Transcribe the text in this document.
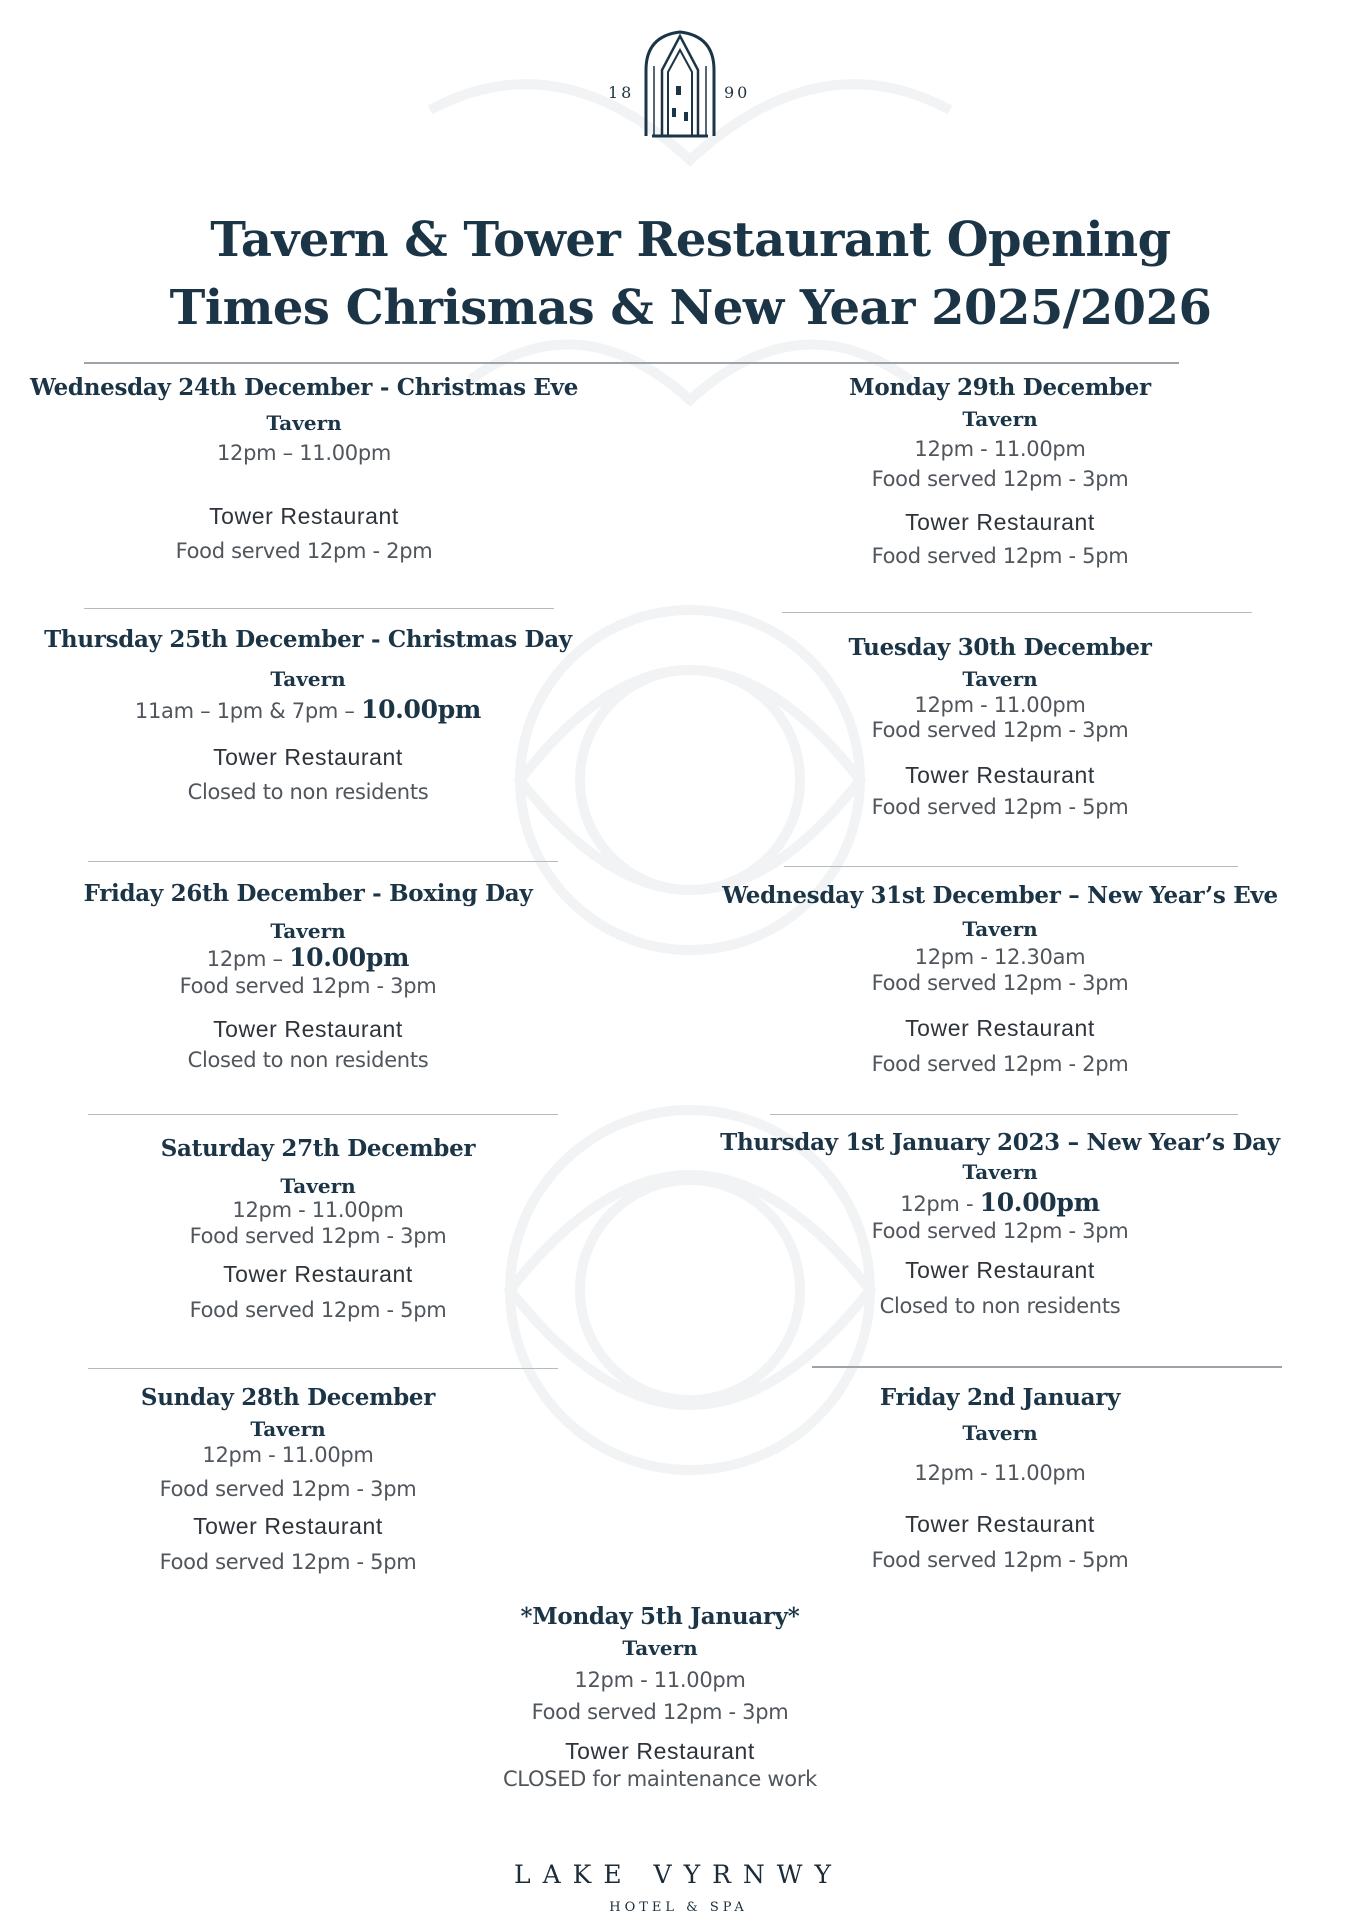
18	90
Tavern & Tower Restaurant Opening
Times Chrismas & New Year 2025/2026
Wednesday 24th December - Christmas Eve
Tavern
12pm – 11.00pm
Tower Restaurant
Food served 12pm - 2pm
Thursday 25th December - Christmas Day
Tavern
11am – 1pm & 7pm – 10.00pm
Tower Restaurant
Closed to non residents
Friday 26th December - Boxing Day
Tavern
12pm – 10.00pm
Food served 12pm - 3pm
Tower Restaurant
Closed to non residents
Saturday 27th December
Tavern
12pm - 11.00pm
Food served 12pm - 3pm
Tower Restaurant
Food served 12pm - 5pm
Sunday 28th December
Tavern
12pm - 11.00pm
Food served 12pm - 3pm
Tower Restaurant
Food served 12pm - 5pm
Monday 29th December
Tavern
12pm - 11.00pm
Food served 12pm - 3pm
Tower Restaurant
Food served 12pm - 5pm
Tuesday 30th December
Tavern
12pm - 11.00pm
Food served 12pm - 3pm
Tower Restaurant
Food served 12pm - 5pm
Wednesday 31st December – New Year’s Eve
Tavern
12pm - 12.30am
Food served 12pm - 3pm
Tower Restaurant
Food served 12pm - 2pm
Thursday 1st January 2023 – New Year’s Day
Tavern
12pm - 10.00pm
Food served 12pm - 3pm
Tower Restaurant
Closed to non residents
Friday 2nd January
Tavern
12pm - 11.00pm
Tower Restaurant
Food served 12pm - 5pm
*Monday 5th January*
Tavern
12pm - 11.00pm
Food served 12pm - 3pm
Tower Restaurant
CLOSED for maintenance work
LAKE VYRNWY
HOTEL & SPA
